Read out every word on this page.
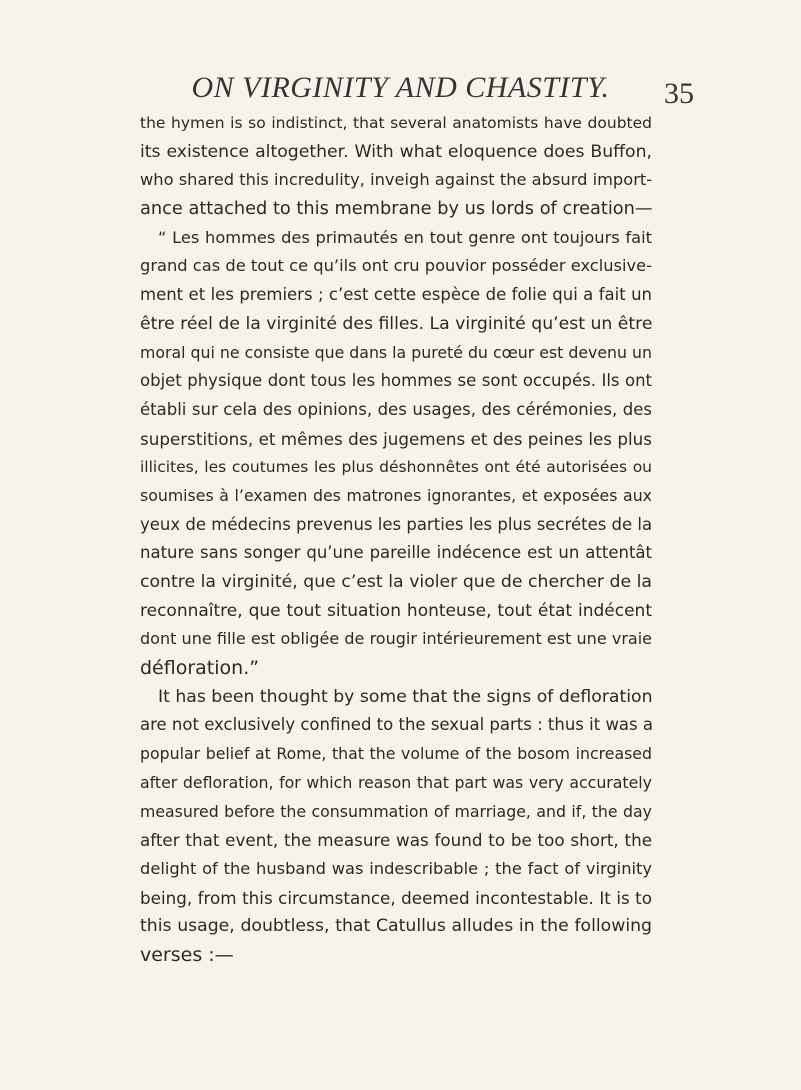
ON VIRGINITY AND CHASTITY.	35
the hymen is so indistinct, that several anatomists have doubted
its existence altogether. With what eloquence does Buffon,
who shared this incredulity, inveigh against the absurd import-
ance attached to this membrane by us lords of creation—
“ Les hommes des primautés en tout genre ont toujours fait
grand cas de tout ce qu’ils ont cru pouvior posséder exclusive-
ment et les premiers ; c’est cette espèce de folie qui a fait un
être réel de la virginité des filles. La virginité qu’est un être
moral qui ne consiste que dans la pureté du cœur est devenu un
objet physique dont tous les hommes se sont occupés. Ils ont
établi sur cela des opinions, des usages, des cérémonies, des
superstitions, et mêmes des jugemens et des peines les plus
illicites, les coutumes les plus déshonnêtes ont été autorisées ou
soumises à l’examen des matrones ignorantes, et exposées aux
yeux de médecins prevenus les parties les plus secrétes de la
nature sans songer qu’une pareille indécence est un attentât
contre la virginité, que c’est la violer que de chercher de la
reconnaître, que tout situation honteuse, tout état indécent
dont une fille est obligée de rougir intérieurement est une vraie
défloration.”
It has been thought by some that the signs of defloration
are not exclusively confined to the sexual parts : thus it was a
popular belief at Rome, that the volume of the bosom increased
after defloration, for which reason that part was very accurately
measured before the consummation of marriage, and if, the day
after that event, the measure was found to be too short, the
delight of the husband was indescribable ; the fact of virginity
being, from this circumstance, deemed incontestable. It is to
this usage, doubtless, that Catullus alludes in the following
verses :—
